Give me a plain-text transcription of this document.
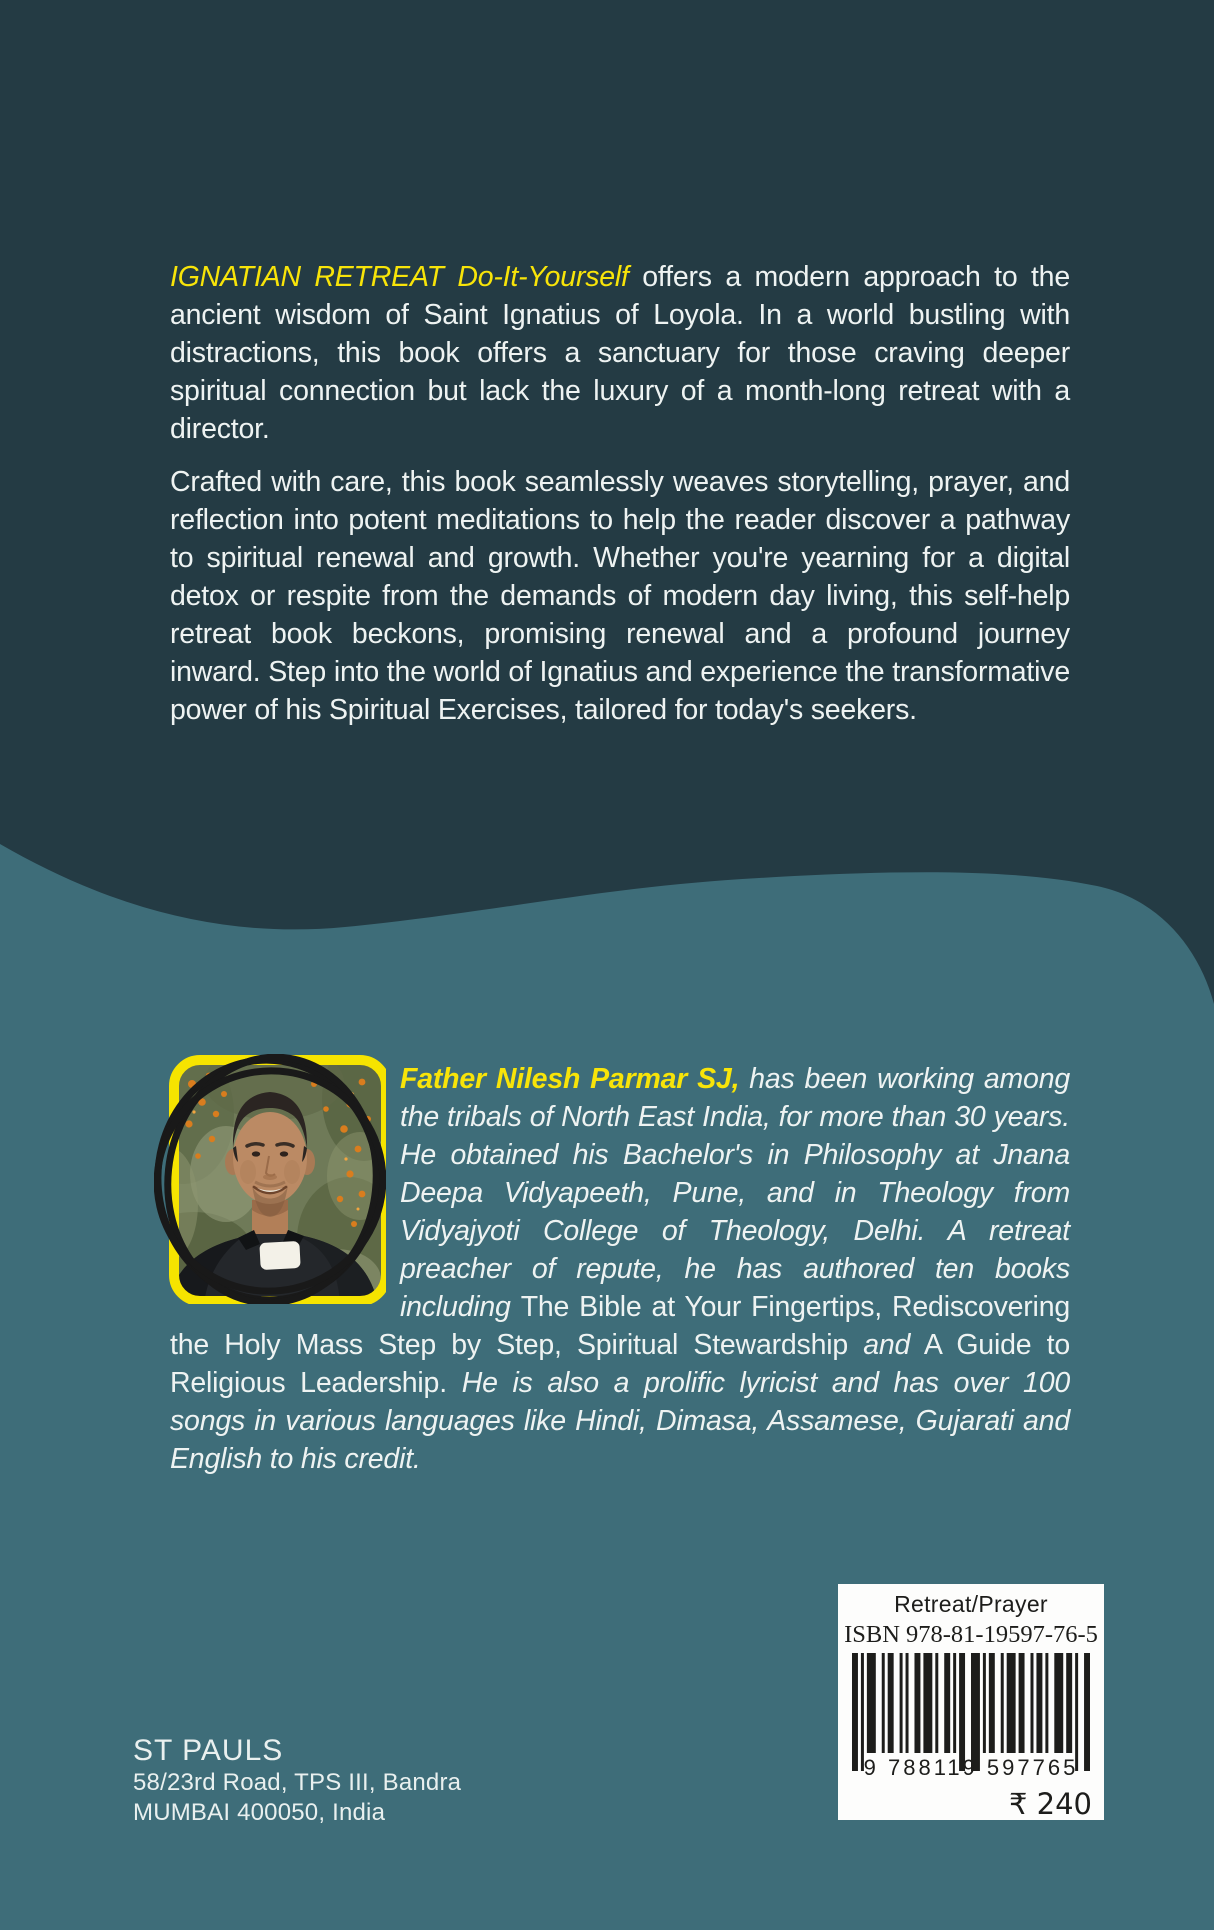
IGNATIAN RETREAT Do-It-Yourself offers a modern approach to the ancient wisdom of Saint Ignatius of Loyola. In a world bustling with distractions, this book offers a sanctuary for those craving deeper spiritual connection but lack the luxury of a month-long retreat with a director.

Crafted with care, this book seamlessly weaves storytelling, prayer, and reflection into potent meditations to help the reader discover a pathway to spiritual renewal and growth. Whether you're yearning for a digital detox or respite from the demands of modern day living, this self-help retreat book beckons, promising renewal and a profound journey inward. Step into the world of Ignatius and experience the transformative power of his Spiritual Exercises, tailored for today's seekers.

Father Nilesh Parmar SJ, has been working among the tribals of North East India, for more than 30 years. He obtained his Bachelor's in Philosophy at Jnana Deepa Vidyapeeth, Pune, and in Theology from Vidyajyoti College of Theology, Delhi. A retreat preacher of repute, he has authored ten books including The Bible at Your Fingertips, Rediscovering the Holy Mass Step by Step, Spiritual Stewardship and A Guide to Religious Leadership. He is also a prolific lyricist and has over 100 songs in various languages like Hindi, Dimasa, Assamese, Gujarati and English to his credit.
Retreat/Prayer
ISBN 978-81-19597-76-5
9 788119 597765
₹ 240

ST PAULS

58/23rd Road, TPS III, Bandra

MUMBAI 400050, India
